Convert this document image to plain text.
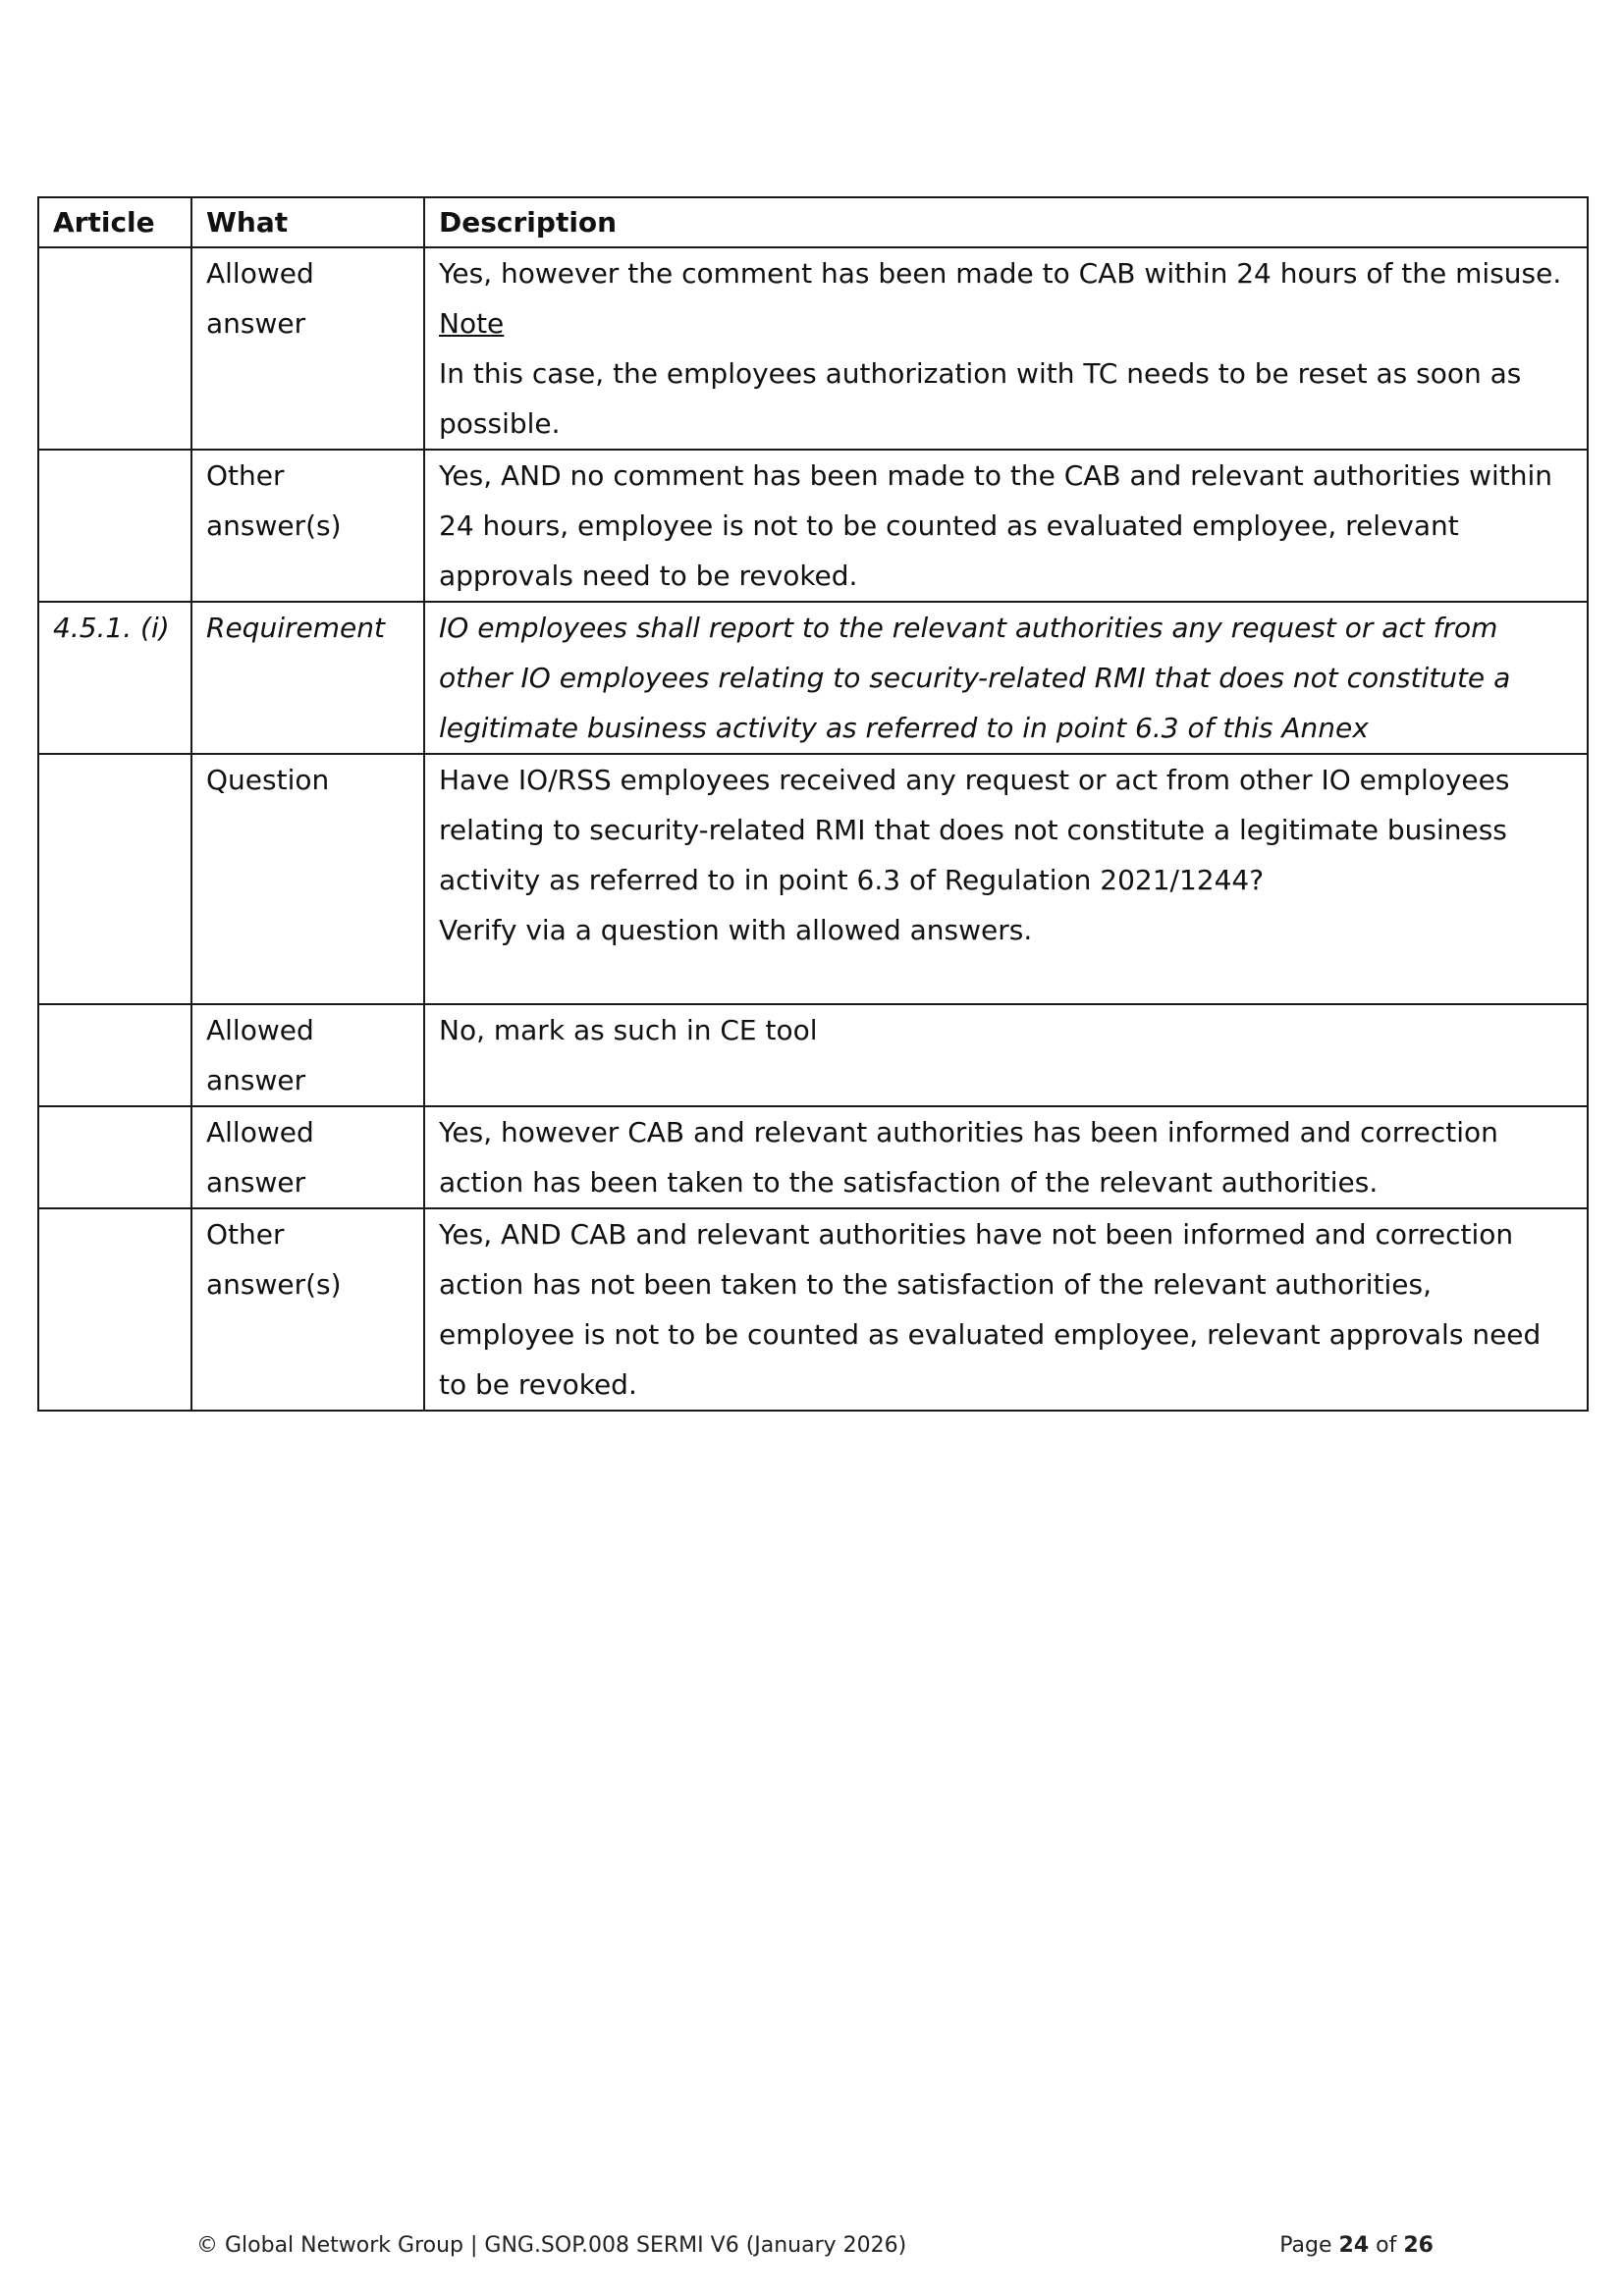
Article	What	Description
	Allowed answer	Yes, however the comment has been made to CAB within 24 hours of the misuse.
Note
In this case, the employees authorization with TC needs to be reset as soon as possible.

	Other answer(s)	Yes, AND no comment has been made to the CAB and relevant authorities within 24 hours, employee is not to be counted as evaluated employee, relevant approvals need to be revoked.
4.5.1. (i)	Requirement	IO employees shall report to the relevant authorities any request or act from other IO employees relating to security-related RMI that does not constitute a legitimate business activity as referred to in point 6.3 of this Annex
	Question	Have IO/RSS employees received any request or act from other IO employees relating to security-related RMI that does not constitute a legitimate business activity as referred to in point 6.3 of Regulation 2021/1244?
Verify via a question with allowed answers.

	Allowed answer	No, mark as such in CE tool
	Allowed answer	Yes, however CAB and relevant authorities has been informed and correction action has been taken to the satisfaction of the relevant authorities.
	Other answer(s)	Yes, AND CAB and relevant authorities have not been informed and correction action has not been taken to the satisfaction of the relevant authorities, employee is not to be counted as evaluated employee, relevant approvals need to be revoked.
© Global Network Group | GNG.SOP.008 SERMI V6 (January 2026)	Page 24 of 26
